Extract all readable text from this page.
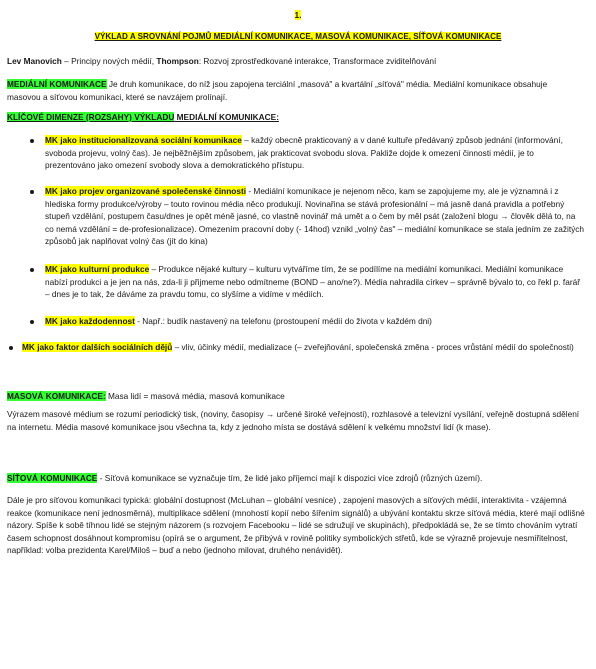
1.
VÝKLAD A SROVNÁNÍ POJMŮ MEDIÁLNÍ KOMUNIKACE, MASOVÁ KOMUNIKACE, SÍŤOVÁ KOMUNIKACE
Lev Manovich – Principy nových médií, Thompson: Rozvoj zprostředkované interakce, Transformace zviditelňování
MEDIÁLNÍ KOMUNIKACE Je druh komunikace, do níž jsou zapojena terciální „masová" a kvartální „síťová" média. Mediální komunikace obsahuje masovou a síťovou komunikaci, které se navzájem prolínají.
KLÍČOVÉ DIMENZE (ROZSAHY) VÝKLADU MEDIÁLNÍ KOMUNIKACE:
MK jako institucionalizovaná sociální komunikace – každý obecně prakticovaný a v dané kultuře předávaný způsob jednání (informování, svoboda projevu, volný čas). Je nejběžnějším způsobem, jak prakticovat svobodu slova. Pakliže dojde k omezení činnosti médií, je to prezentováno jako omezení svobody slova a demokratického přístupu.
MK jako projev organizované společenské činnosti - Mediální komunikace je nejenom něco, kam se zapojujeme my, ale je významná i z hlediska formy produkce/výroby – touto rovinou média něco produkují. Novinařina se stává profesionální – má jasně daná pravidla a potřebný stupeň vzdělání, postupem času/dnes je opět méně jasné, co vlastně novinář má umět a o čem by měl psát (založení blogu → člověk dělá to, na co nemá vzdělání = de-profesionalizace). Omezením pracovní doby (- 14hod) vznikl „volný čas" – mediální komunikace se stala jedním ze zažitých způsobů jak naplňovat volný čas (jít do kina)
MK jako kulturní produkce – Produkce nějaké kultury – kulturu vytváříme tím, že se podílíme na mediální komunikaci. Mediální komunikace nabízí produkci a je jen na nás, zda-li ji přijmeme nebo odmítneme (BOND – ano/ne?). Média nahradila církev – správně bývalo to, co řekl p. farář – dnes je to tak, že dáváme za pravdu tomu, co slyšíme a vidíme v médiích.
MK jako každodennost - Např.: budík nastavený na telefonu (prostoupení médií do života v každém dni)
MK jako faktor dalších sociálních dějů – vliv, účinky médií, medializace (– zveřejňování, společenská změna - proces vrůstání médií do společnosti)
MASOVÁ KOMUNIKACE: Masa lidí = masová média, masová komunikace

Výrazem masové médium se rozumí periodický tisk, (noviny, časopisy → určené široké veřejnosti), rozhlasové a televizní vysílání, veřejně dostupná sdělení na internetu. Média masové komunikace jsou všechna ta, kdy z jednoho místa se dostává sdělení k velkému množství lidí (k mase).

SÍŤOVÁ KOMUNIKACE - Síťová komunikace se vyznačuje tím, že lidé jako příjemci mají k dispozici více zdrojů (různých území).

Dále je pro síťovou komunikaci typická: globální dostupnost (McLuhan – globální vesnice) , zapojení masových a síťových médií, interaktivita - vzájemná reakce (komunikace není jednosměrná), multiplikace sdělení (mnohostí kopií nebo šířením signálů) a ubývání kontaktu skrze síťová média, které mají odlišné názory. Spíše k sobě tíhnou lidé se stejným názorem (s rozvojem Facebooku – lidé se sdružují ve skupinách), předpokládá se, že se tímto chováním vytratí časem schopnost dosáhnout kompromisu (opírá se o argument, že přibývá v rovině politiky symbolických střetů, kde se výrazně projevuje nesmiřitelnost, například: volba prezidenta Karel/Miloš – buď a nebo (jednoho milovat, druhého nenávidět).
